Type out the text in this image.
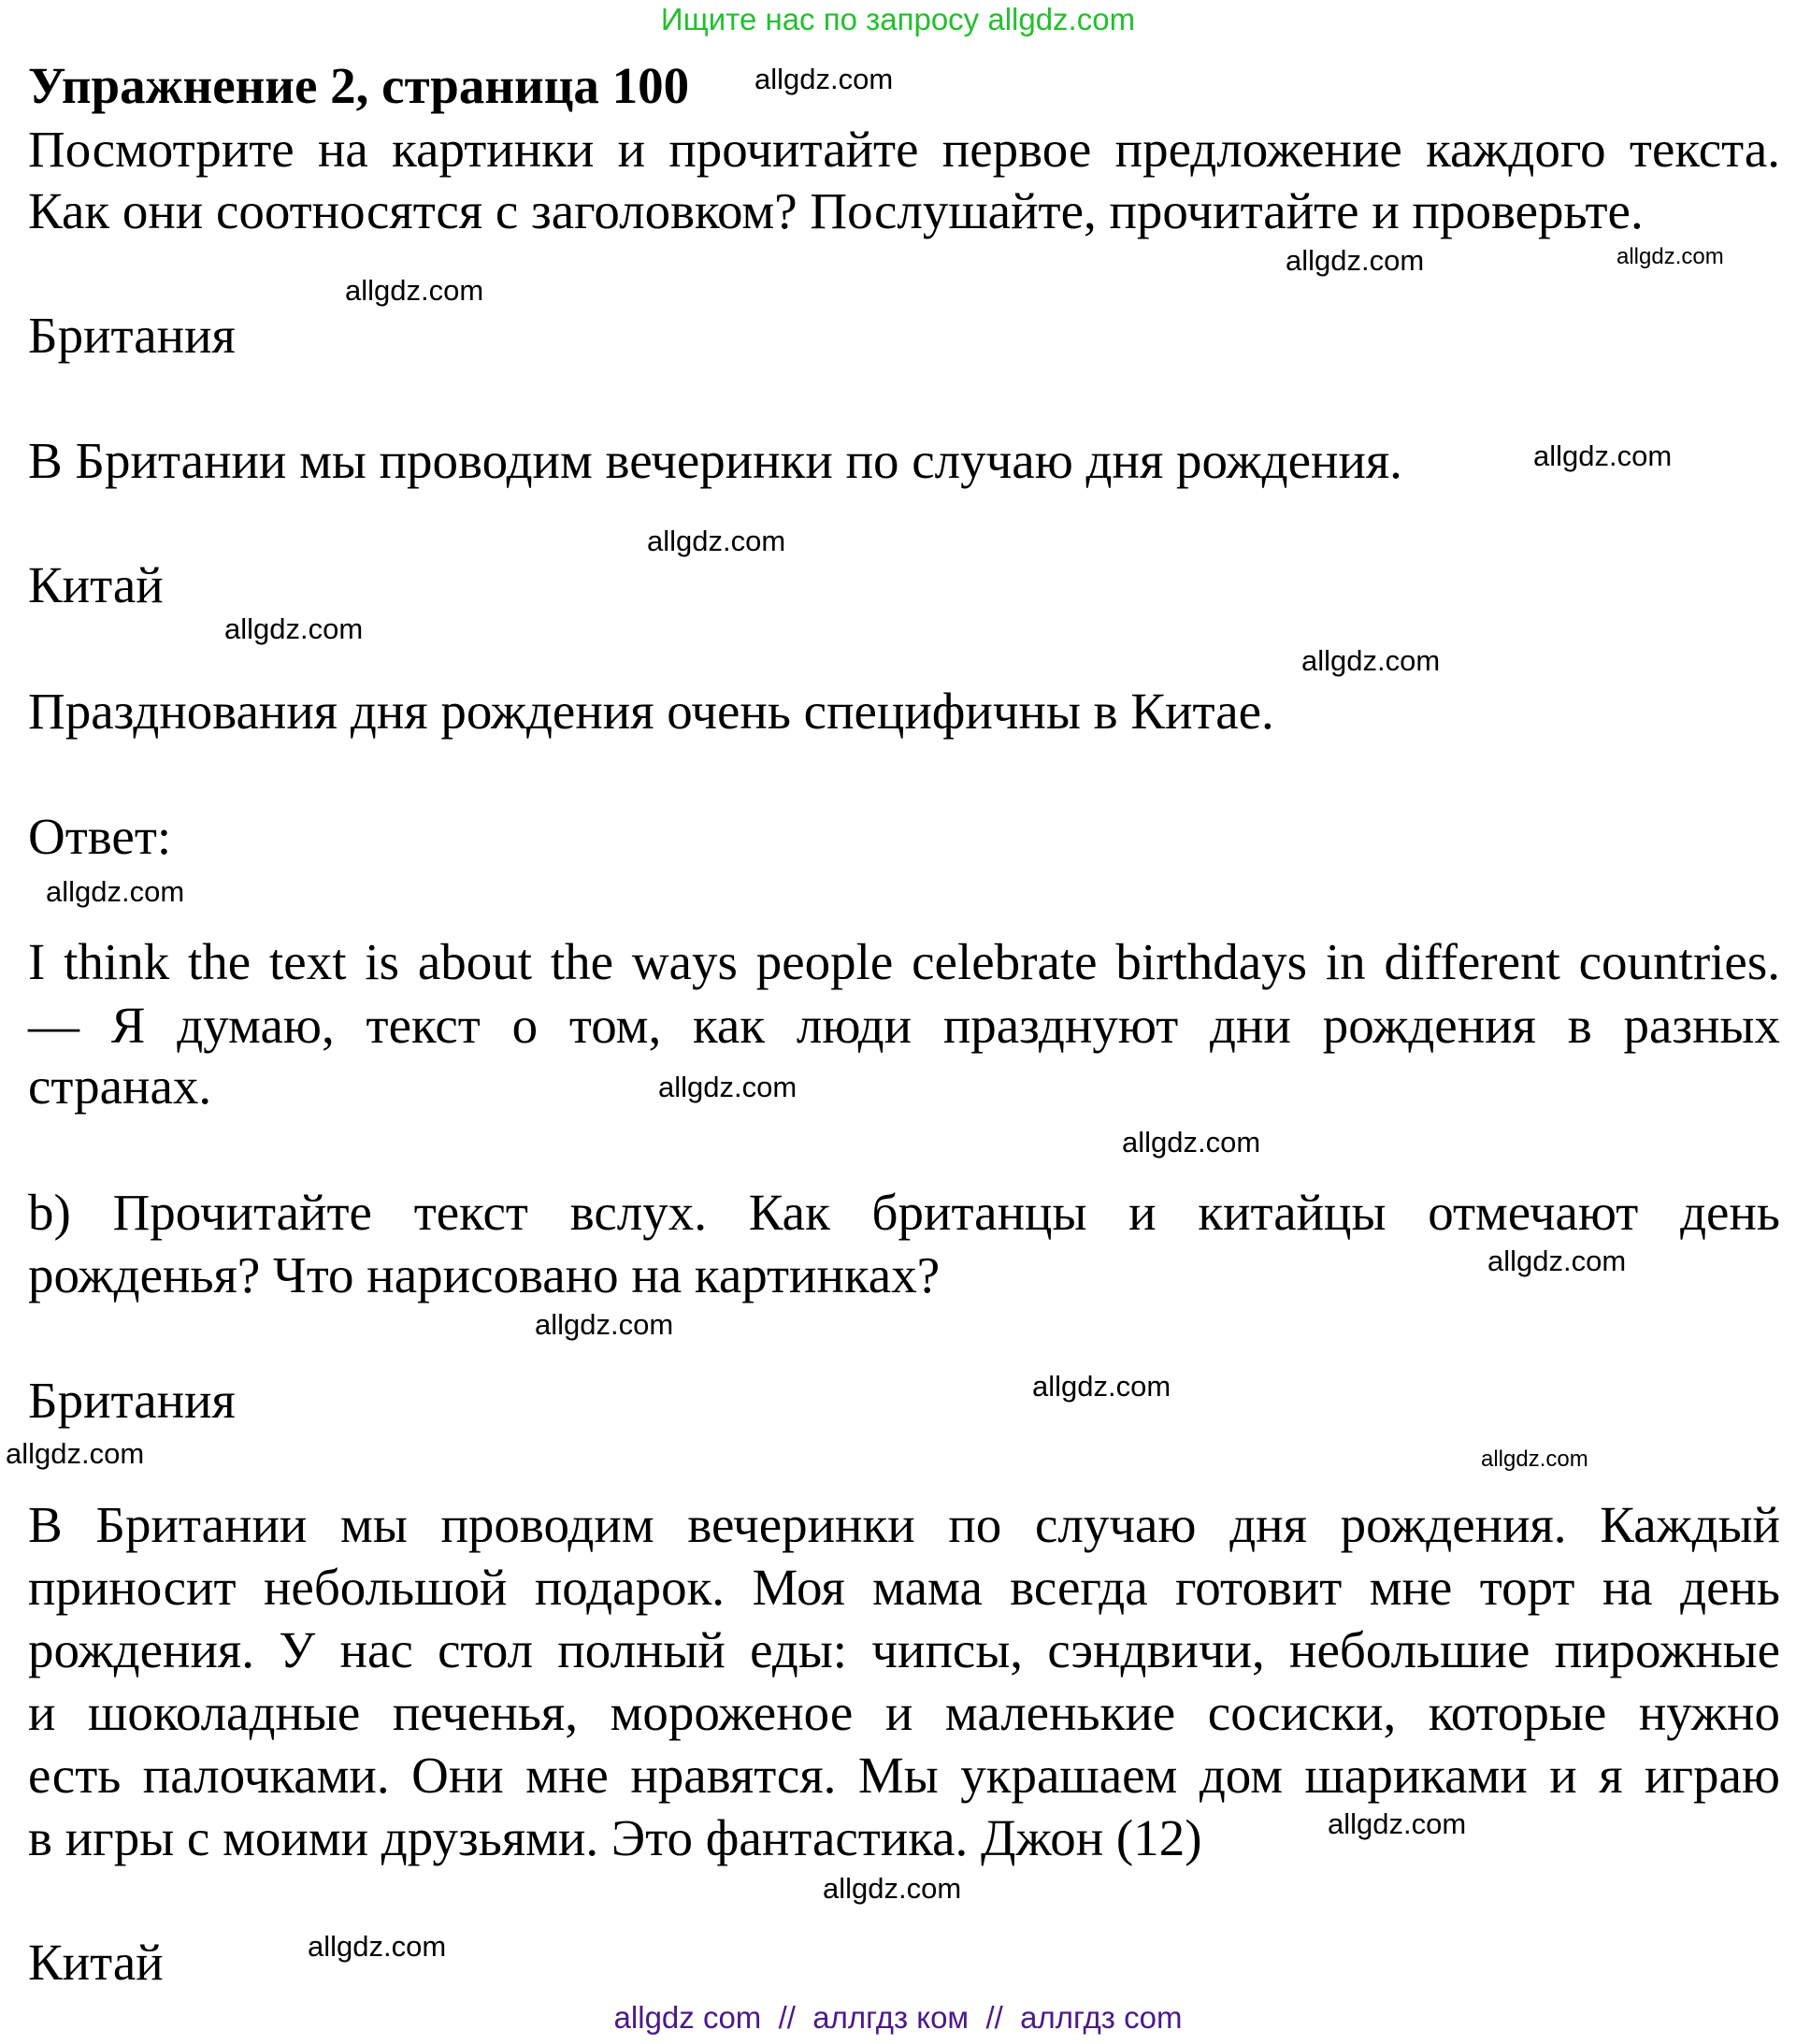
Ищите нас по запросу allgdz.com
Упражнение 2, страница 100
Посмотрите на картинки и прочитайте первое предложение каждого текста.
Как они соотносятся с заголовком? Послушайте, прочитайте и проверьте.
Британия
В Британии мы проводим вечеринки по случаю дня рождения.
Китай
Празднования дня рождения очень специфичны в Китае.
Ответ:
I think the text is about the ways people celebrate birthdays in different countries.
— Я думаю, текст о том, как люди празднуют дни рождения в разных
странах.
b) Прочитайте текст вслух. Как британцы и китайцы отмечают день
рожденья? Что нарисовано на картинках?
Британия
В Британии мы проводим вечеринки по случаю дня рождения. Каждый
приносит небольшой подарок. Моя мама всегда готовит мне торт на день
рождения. У нас стол полный еды: чипсы, сэндвичи, небольшие пирожные
и шоколадные печенья, мороженое и маленькие сосиски, которые нужно
есть палочками. Они мне нравятся. Мы украшаем дом шариками и я играю
в игры с моими друзьями. Это фантастика. Джон (12)
Китай
allgdz.com
allgdz.com
allgdz.com
allgdz.com
allgdz.com
allgdz.com
allgdz.com
allgdz.com
allgdz.com
allgdz.com
allgdz.com
allgdz.com
allgdz.com
allgdz.com
allgdz.com	allgdz.com
allgdz.com
allgdz.com
allgdz.com
allgdz com  //  аллгдз ком  //  аллгдз com
